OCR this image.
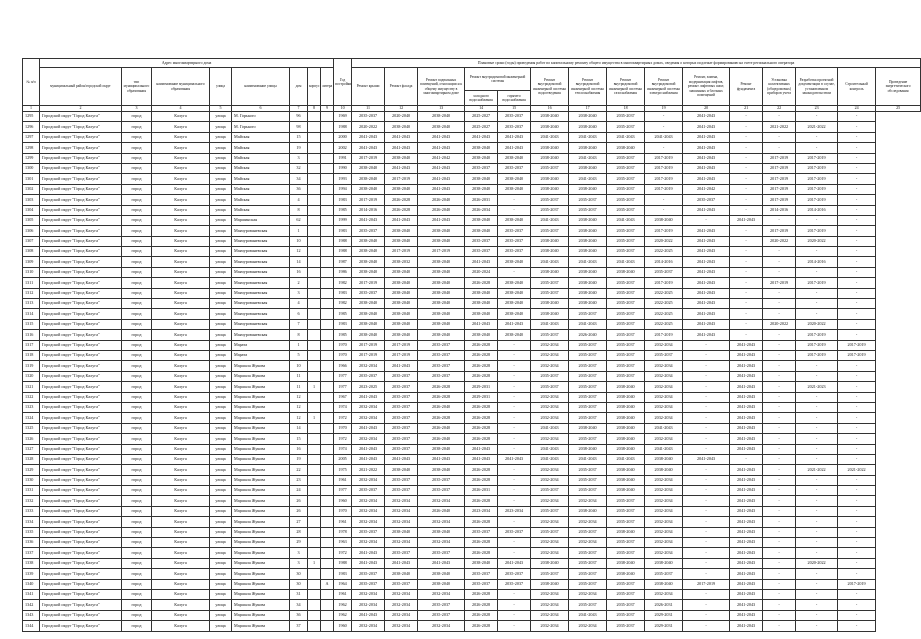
№ п/п	Адрес многоквартирного дома								Год постройки	Плановые сроки (годы) проведения работ по капитальному ремонту общего имущества в многоквартирных домах, сведения о которых подлежат формированию на счете регионального оператора														
	муниципальный район/городской округ	тип муниципального образования	наименование муниципального образования	улица	наименование улицы	дом	корпус	литера		Ремонт крыши	Ремонт фасада	Ремонт подвальных помещений, относящихся к общему имуществу в многоквартирном доме	Ремонт внутридомовой инженерной системы		Ремонт внутридомовой инженерной системы водоотведения	Ремонт внутридомовой инженерной системы теплоснабжения	Ремонт внутридомовой инженерной системы газоснабжения	Ремонт внутридомовой инженерной системы электроснабжения	Ремонт, замена, модернизация лифтов, ремонт лифтовых шахт, машинных и блочных помещений	Ремонт фундамента	Установка коллективных (общедомовых) приборов учета	Разработка проектной документации в случае, установленном законодательством	Строительный контроль	Проведение энергетического обследования
													холодного водоснабжения	горячего водоснабжения										
1	2	3	4	5	6	7	8	9	10	11	12	13	14	15	16	17	18	19	20	21	22	23	24	25
1295	Городской округ "Город Калуга"	город	Калуга	улица	М. Горького	96			1969	2035-2037	2020-2040	2038-2040	2025-2027	2035-2037	2038-2040	2038-2040	2035-2037	-	2041-2043	-	-	-	-	
1296	Городской округ "Город Калуга"	город	Калуга	улица	М. Горького	98			1988	2020-2022	2038-2040	2038-2040	2025-2027	2035-2037	2038-2040	2038-2040	2035-2037	-	2041-2043	-	2021-2022	2021-2022	-	
1297	Городской округ "Город Калуга"	город	Калуга	улица	Майская	15			2000	2041-2043	2041-2043	2041-2043	2041-2043	2041-2043	2041-2043	2041-2043	2041-2043	2041-2043	2041-2043	-	-	-	-	
1298	Городской округ "Город Калуга"	город	Калуга	улица	Майская	19			2002	2041-2043	2041-2043	2041-2043	2038-2040	2041-2043	2038-2040	2038-2040	2038-2040	-	2041-2043	-	-	-	-	
1299	Городской округ "Город Калуга"	город	Калуга	улица	Майская	3			1991	2017-2019	2038-2040	2041-2042	2038-2040	2038-2040	2038-2040	2041-2043	2035-2037	2017-2019	2041-2043	-	2017-2019	2017-2019	-	
1300	Городской округ "Город Калуга"	город	Калуга	улица	Майская	32			1990	2038-2040	2041-2043	2041-2043	2035-2037	2035-2037	2035-2037	2038-2040	2035-2037	2017-2019	2041-2043	-	2017-2019	2017-2019	-	
1301	Городской округ "Город Калуга"	город	Калуга	улица	Майская	34			1993	2038-2040	2017-2019	2041-2043	2038-2040	2038-2040	2038-2040	2041-2043	2035-2037	2017-2019	2041-2043	-	2017-2019	2017-2019	-	
1302	Городской округ "Город Калуга"	город	Калуга	улица	Майская	36			1994	2038-2040	2038-2040	2041-2043	2038-2040	2038-2040	2038-2040	2038-2040	2035-2037	2017-2019	2041-2042	-	2017-2019	2017-2019	-	
1303	Городской округ "Город Калуга"	город	Калуга	улица	Майская	4			1983	2017-2019	2026-2028	2026-2040	2026-2031	-	2035-2037	2035-2037	2035-2037	-	2035-2037	-	2017-2019	2017-2019	-	
1304	Городской округ "Город Калуга"	город	Калуга	улица	Майская	8			1985	2014-2016	2026-2028	2026-2040	2026-2034	-	2035-2037	2035-2037	2035-2037	-	2041-2043	-	2014-2016	2014-2016	-	
1305	Городской округ "Город Калуга"	город	Калуга	улица	Маршинская	62			1999	2041-2043	2041-2043	2041-2043	2038-2040	2038-2040	2041-2043	2038-2040	2041-2043	2038-2040	-	2041-2043	-	-	-	
1306	Городской округ "Город Калуга"	город	Калуга	улица	Маячурованевская	1			1983	2035-2037	2038-2040	2038-2040	2038-2040	2035-2037	2035-2037	2038-2040	2035-2037	2017-2019	2041-2043	-	2017-2019	2017-2019	-	
1307	Городской округ "Город Калуга"	город	Калуга	улица	Маячурованевская	10			1988	2038-2040	2038-2040	2038-2040	2035-2037	2035-2037	2038-2040	2038-2040	2035-2037	2020-2022	2041-2043	-	2020-2022	2020-2022	-	
1308	Городской округ "Город Калуга"	город	Калуга	улица	Маячурованевская	12			1988	2038-2040	2017-2019	2017-2019	2035-2037	2035-2037	2038-2040	2038-2040	2035-2037	2022-2025	2041-2043	-	-	-	-	
1309	Городской округ "Город Калуга"	город	Калуга	улица	Маячурованевская	14			1987	2038-2040	2038-2032	2038-2040	2041-2043	2038-2040	2041-2043	2041-2043	2041-2043	2014-2016	2041-2043	-	-	2014-2016	-	
1310	Городской округ "Город Калуга"	город	Калуга	улица	Маячурованевская	16			1986	2038-2040	2038-2040	2038-2040	2020-2024	-	2038-2040	2038-2040	2038-2040	2035-2037	2041-2043	-	-	-	-	
1311	Городской округ "Город Калуга"	город	Калуга	улица	Маячурованевская	2			1982	2017-2019	2038-2040	2038-2040	2026-2028	2038-2040	2035-2037	2038-2040	2035-2037	2017-2019	2041-2043	-	2017-2019	2017-2019	-	
1312	Городской округ "Город Калуга"	город	Калуга	улица	Маячурованевская	3			1983	2035-2037	2038-2040	2038-2040	2038-2040	2038-2040	2035-2037	2038-2040	2035-2037	2022-2025	2041-2043	-	-	-	-	
1313	Городской округ "Город Калуга"	город	Калуга	улица	Маячурованевская	4			1982	2038-2040	2038-2040	2038-2040	2038-2040	2038-2040	2038-2040	2038-2040	2035-2037	2022-2025	2041-2043	-	-	-	-	
1314	Городской округ "Город Калуга"	город	Калуга	улица	Маячурованевская	6			1985	2038-2040	2038-2040	2038-2040	2038-2040	2038-2040	2038-2040	2035-2037	2035-2037	2022-2025	2041-2043	-	-	-	-	
1315	Городской округ "Город Калуга"	город	Калуга	улица	Маячурованевская	7			1983	2038-2040	2038-2040	2038-2040	2041-2043	2041-2043	2041-2043	2041-2043	2035-2037	2022-2025	2041-2043	-	2020-2022	2020-2022	-	
1316	Городской округ "Город Калуга"	город	Калуга	улица	Маячурованевская	8			1985	2038-2040	2038-2040	2038-2040	2038-2040	2038-2040	2035-2037	2026-2040	2035-2037	2017-2019	2041-2043	-	-	2017-2019	-	
1317	Городской округ "Город Калуга"	город	Калуга	улица	Марата	1			1970	2017-2019	2017-2019	2035-2037	2026-2028	-	2032-2034	2035-2037	2035-2037	2032-2034	-	2041-2043	-	2017-2019	2017-2019	
1318	Городской округ "Город Калуга"	город	Калуга	улица	Марата	5			1970	2017-2019	2017-2019	2035-2037	2026-2028	-	2032-2034	2035-2037	2035-2037	2035-2037	-	2041-2043	-	2017-2019	2017-2019	
1319	Городской округ "Город Калуга"	город	Калуга	улица	Маршала Жукова	10			1966	2032-2034	2041-2043	2035-2037	2026-2028	-	2032-2034	2035-2037	2035-2037	2032-2034	-	2041-2043	-	-	-	
1320	Городской округ "Город Калуга"	город	Калуга	улица	Маршала Жукова	11			1977	2035-2037	2035-2037	2035-2037	2026-2028	-	2035-2037	2035-2037	2035-2037	2032-2034	-	2041-2043	-	-	-	
1321	Городской округ "Город Калуга"	город	Калуга	улица	Маршала Жукова	11	1		1977	2023-2025	2035-2037	2026-2028	2029-2031	-	2035-2037	2035-2037	2038-2040	2032-2034	-	2041-2043	-	2021-2023	-	
1322	Городской округ "Город Калуга"	город	Калуга	улица	Маршала Жукова	12			1967	2041-2043	2035-2037	2026-2028	2029-2031	-	2032-2034	2035-2037	2038-2040	2032-2034	-	2041-2043	-	-	-	
1323	Городской округ "Город Калуга"	город	Калуга	улица	Маршала Жукова	12			1974	2032-2034	2035-2037	2026-2040	2026-2028	-	2032-2034	2035-2037	2038-2040	2032-2034	-	2041-2043	-	-	-	
1324	Городской округ "Город Калуга"	город	Калуга	улица	Маршала Жукова	12	1		1972	2032-2034	2035-2037	2026-2028	2026-2028	-	2032-2034	2035-2037	2038-2040	2032-2034	-	2041-2043	-	-	-	
1325	Городской округ "Город Калуга"	город	Калуга	улица	Маршала Жукова	14			1970	2041-2043	2035-2037	2026-2040	2026-2028	-	2041-2043	2038-2040	2038-2040	2041-2043	-	2041-2043	-	-	-	
1326	Городской округ "Город Калуга"	город	Калуга	улица	Маршала Жукова	15			1972	2032-2034	2035-2037	2026-2040	2026-2028	-	2032-2034	2035-2037	2038-2040	2032-2034	-	2041-2043	-	-	-	
1327	Городской округ "Город Калуга"	город	Калуга	улица	Маршала Жукова	16			1974	2041-2043	2035-2037	2038-2040	2041-2043	-	2041-2043	2038-2040	2038-2040	2041-2043	-	2041-2043	-	-	-	
1328	Городской округ "Город Калуга"	город	Калуга	улица	Маршала Жукова	19			2005	2041-2043	2041-2043	2041-2043	2041-2043	2041-2043	2041-2043	2041-2043	2041-2043	2038-2040	2041-2043	-	-	-	-	
1329	Городской округ "Город Калуга"	город	Калуга	улица	Маршала Жукова	22			1975	2021-2022	2038-2040	2038-2040	2026-2028	-	2032-2034	2035-2037	2038-2040	2038-2040	-	2041-2043	-	2021-2022	2021-2022	
1330	Городской округ "Город Калуга"	город	Калуга	улица	Маршала Жукова	23			1961	2032-2034	2035-2037	2035-2037	2026-2028	-	2032-2034	2035-2037	2038-2040	2032-2034	-	2041-2043	-	-	-	
1331	Городской округ "Город Калуга"	город	Калуга	улица	Маршала Жукова	24			1977	2035-2037	2035-2037	2035-2037	2026-2031	-	2035-2037	2035-2037	2038-2040	2032-2034	-	2041-2043	-	-	-	
1332	Городской округ "Город Калуга"	город	Калуга	улица	Маршала Жукова	26			1960	2032-2034	2032-2034	2032-2034	2026-2028	-	2032-2034	2032-2034	2035-2037	2032-2034	-	2041-2043	-	-	-	
1333	Городской округ "Город Калуга"	город	Калуга	улица	Маршала Жукова	26			1970	2032-2034	2032-2034	2026-2040	2023-2034	2023-2034	2035-2037	2038-2040	2035-2037	2032-2034	-	2041-2043	-	-	-	
1334	Городской округ "Город Калуга"	город	Калуга	улица	Маршала Жукова	27			1961	2032-2034	2032-2034	2032-2034	2026-2028	-	2032-2034	2032-2034	2035-2037	2032-2034	-	2041-2043	-	-	-	
1335	Городской округ "Город Калуга"	город	Калуга	улица	Маршала Жукова	28			1978	2035-2037	2038-2040	2038-2040	2035-2037	2035-2037	2035-2037	2035-2037	2038-2040	2032-2034	-	2041-2043	-	-	-	
1336	Городской округ "Город Калуга"	город	Калуга	улица	Маршала Жукова	29			1963	2032-2034	2032-2034	2032-2034	2026-2028	-	2032-2034	2032-2034	2035-2037	2032-2034	-	2041-2043	-	-	-	
1337	Городской округ "Город Калуга"	город	Калуга	улица	Маршала Жукова	3			1972	2041-2043	2035-2037	2035-2037	2026-2028	-	2032-2034	2035-2037	2035-2037	2032-2034	-	2041-2043	-	-	-	
1338	Городской округ "Город Калуга"	город	Калуга	улица	Маршала Жукова	3	1		1988	2041-2043	2041-2043	2041-2043	2038-2040	2041-2043	2038-2040	2035-2037	2038-2040	2038-2040	-	2041-2043	-	2020-2022	-	
1339	Городской округ "Город Калуга"	город	Калуга	улица	Маршала Жукова	30			1983	2035-2037	2038-2040	2038-2040	2035-2037	2035-2037	2035-2037	2035-2037	2038-2040	2035-2037	-	2041-2043	-	-	-	
1340	Городской округ "Город Калуга"	город	Калуга	улица	Маршала Жукова	30		А	1964	2035-2037	2035-2037	2038-2040	2035-2037	2035-2037	2038-2040	2035-2037	2035-2037	2038-2040	2017-2019	2041-2043	-	-	2017-2019	
1341	Городской округ "Город Калуга"	город	Калуга	улица	Маршала Жукова	31			1961	2032-2034	2032-2034	2032-2034	2026-2028	-	2032-2034	2032-2034	2035-2037	2032-2034	-	2041-2043	-	-	-	
1342	Городской округ "Город Калуга"	город	Калуга	улица	Маршала Жукова	34			1962	2032-2034	2032-2034	2035-2037	2026-2028	-	2032-2034	2035-2037	2035-2037	2026-2031	-	2041-2043	-	-	-	
1343	Городской округ "Город Калуга"	город	Калуга	улица	Маршала Жукова	36			1962	2041-2043	2032-2034	2035-2037	2026-2028	-	2032-2034	2041-2043	2035-2037	2029-2031	-	2041-2043	-	-	-	
1344	Городской округ "Город Калуга"	город	Калуга	улица	Маршала Жукова	37			1960	2032-2034	2032-2034	2032-2034	2026-2028	-	2032-2034	2032-2034	2035-2037	2029-2031	-	2041-2043	-	-	-	
